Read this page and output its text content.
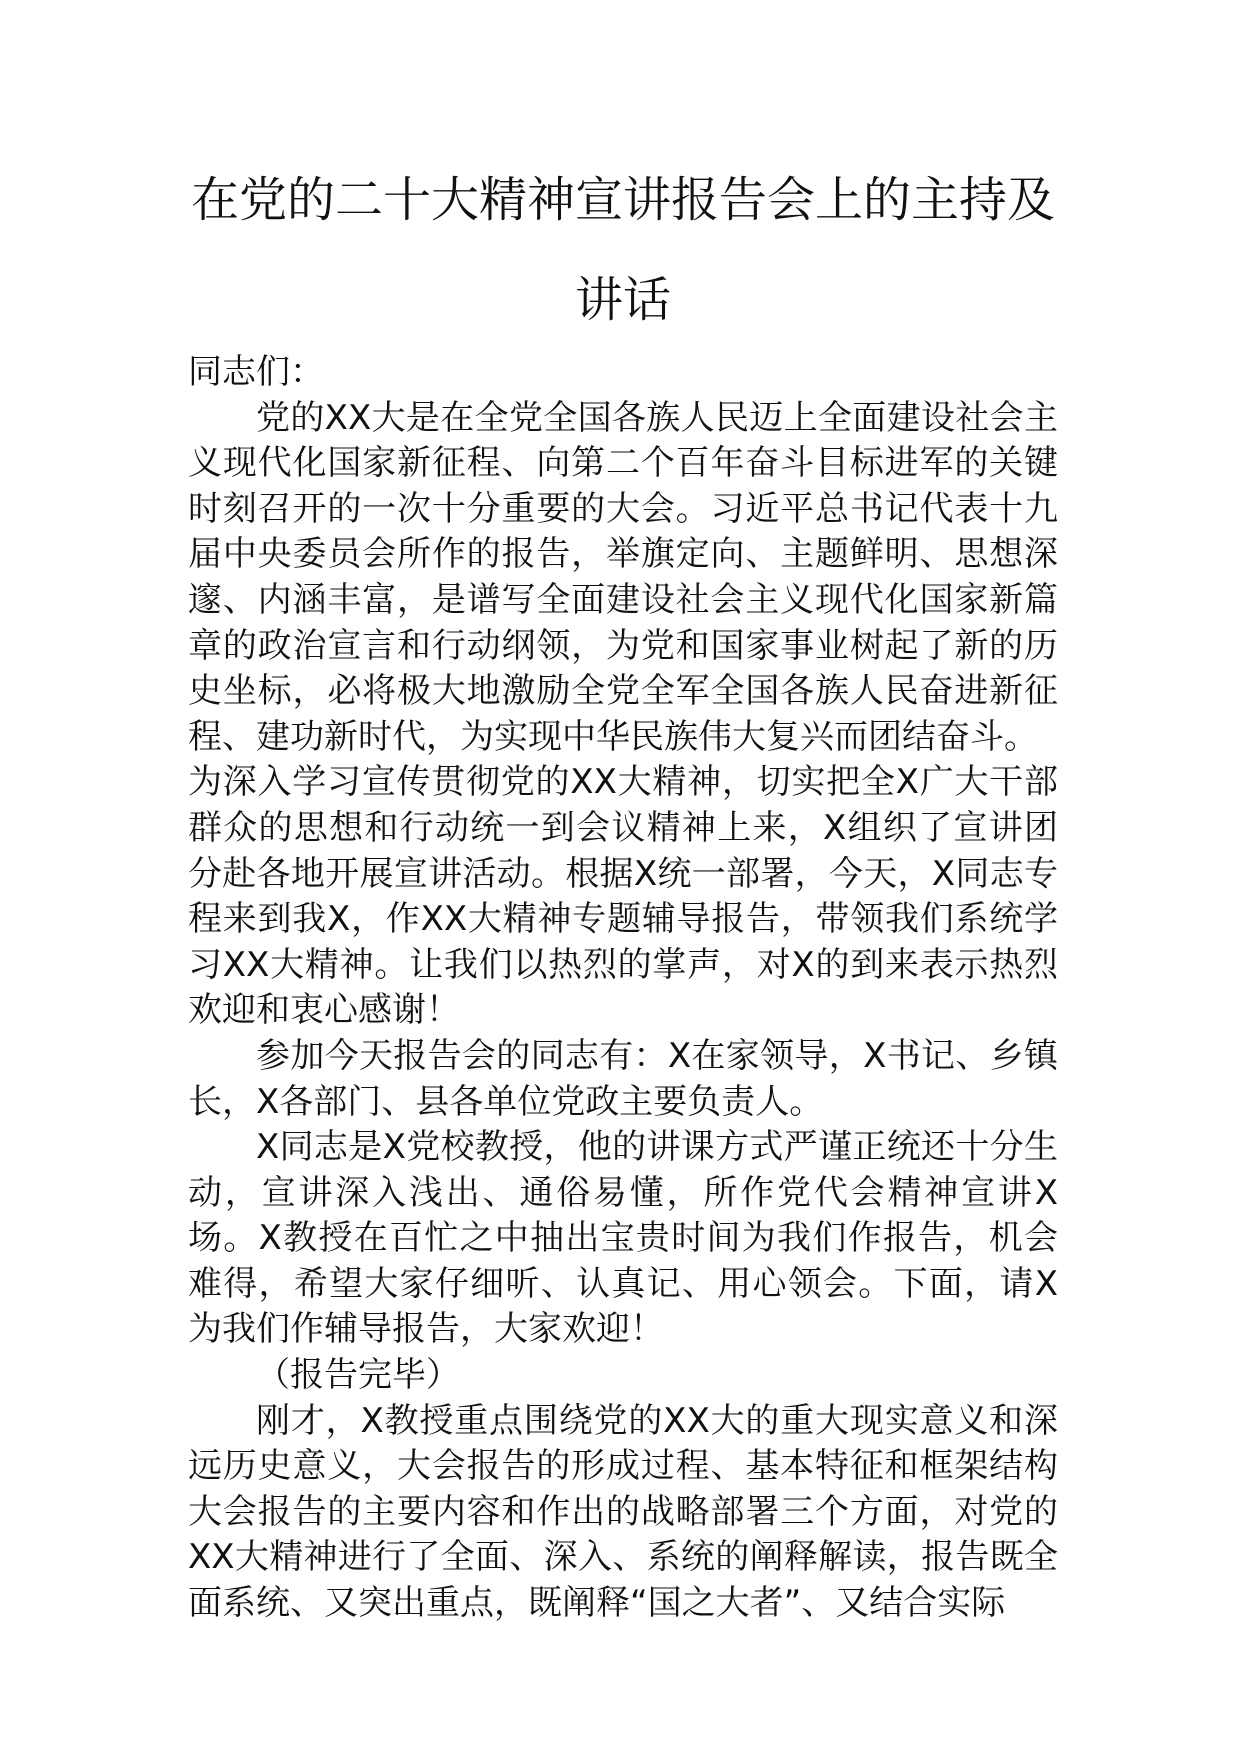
在党的二十大精神宣讲报告会上的主持及讲话

同志们：

党的XX大是在全党全国各族人民迈上全面建设社会主义现代化国家新征程、向第二个百年奋斗目标进军的关键时刻召开的一次十分重要的大会。习近平总书记代表十九届中央委员会所作的报告，举旗定向、主题鲜明、思想深邃、内涵丰富，是谱写全面建设社会主义现代化国家新篇章的政治宣言和行动纲领，为党和国家事业树起了新的历史坐标，必将极大地激励全党全军全国各族人民奋进新征程、建功新时代，为实现中华民族伟大复兴而团结奋斗。

为深入学习宣传贯彻党的XX大精神，切实把全X广大干部群众的思想和行动统一到会议精神上来，X组织了宣讲团分赴各地开展宣讲活动。根据X统一部署，今天，X同志专程来到我X，作XX大精神专题辅导报告，带领我们系统学习XX大精神。让我们以热烈的掌声，对X的到来表示热烈欢迎和衷心感谢！

参加今天报告会的同志有：X在家领导，X书记、乡镇长，X各部门、县各单位党政主要负责人。

X同志是X党校教授，他的讲课方式严谨正统还十分生动，宣讲深入浅出、通俗易懂，所作党代会精神宣讲X场。X教授在百忙之中抽出宝贵时间为我们作报告，机会难得，希望大家仔细听、认真记、用心领会。下面，请X为我们作辅导报告，大家欢迎！

（报告完毕）

刚才，X教授重点围绕党的XX大的重大现实意义和深远历史意义，大会报告的形成过程、基本特征和框架结构大会报告的主要内容和作出的战略部署三个方面，对党的XX大精神进行了全面、深入、系统的阐释解读，报告既全面系统、又突出重点，既阐释“国之大者”、又结合实际
